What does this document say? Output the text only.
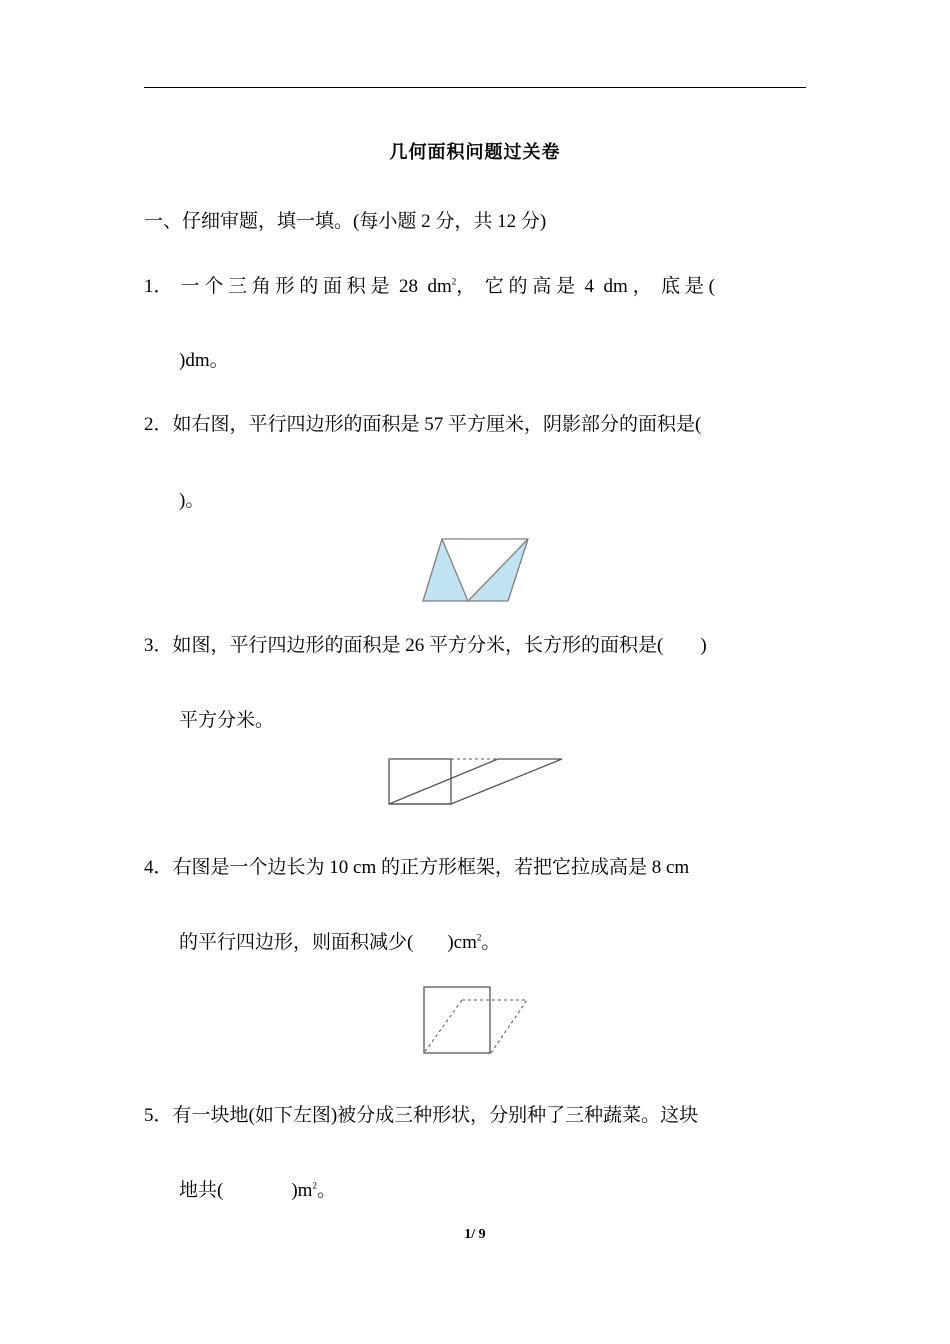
几何面积问题过关卷
一、仔细审题，填一填。(每小题 2 分，共 12 分)
1． 一 个 三 角 形 的 面 积 是  28  $dm^2$，  它 的 高 是  4  dm ，  底 是 (
)dm。
2．如右图，平行四边形的面积是 57 平方厘米，阴影部分的面积是(
)。
3．如图，平行四边形的面积是 26 平方分米，长方形的面积是( )
平方分米。
4．右图是一个边长为 10 cm 的正方形框架，若把它拉成高是 8 cm
的平行四边形，则面积减少( )$cm^2$。
5．有一块地(如下左图)被分成三种形状，分别种了三种蔬菜。这块
地共(	)$m^2$。
1/ 9
